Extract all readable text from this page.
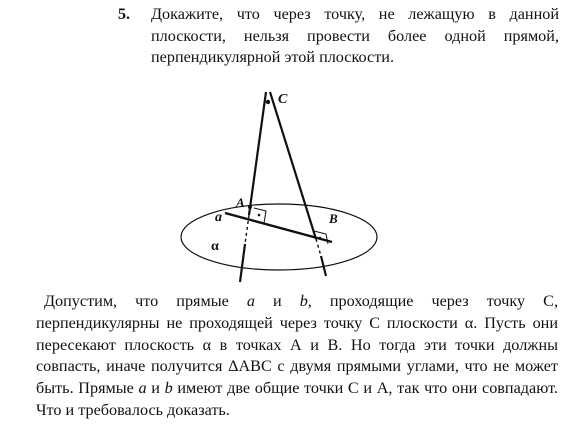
5. Докажите, что через точку, не лежащую в данной плоскости, нельзя провести более одной прямой, перпендикулярной этой плоскости.
C
A
B
a
α

Допустим, что прямые a и b, проходящие через точку С, перпендикулярны не проходящей через точку С плоскости α. Пусть они пересекают плоскость α в точках А и В. Но тогда эти точки должны совпасть, иначе получится ΔАВС с двумя прямыми углами, что не может быть. Прямые a и b имеют две общие точки С и А, так что они совпадают. Что и требовалось доказать.
